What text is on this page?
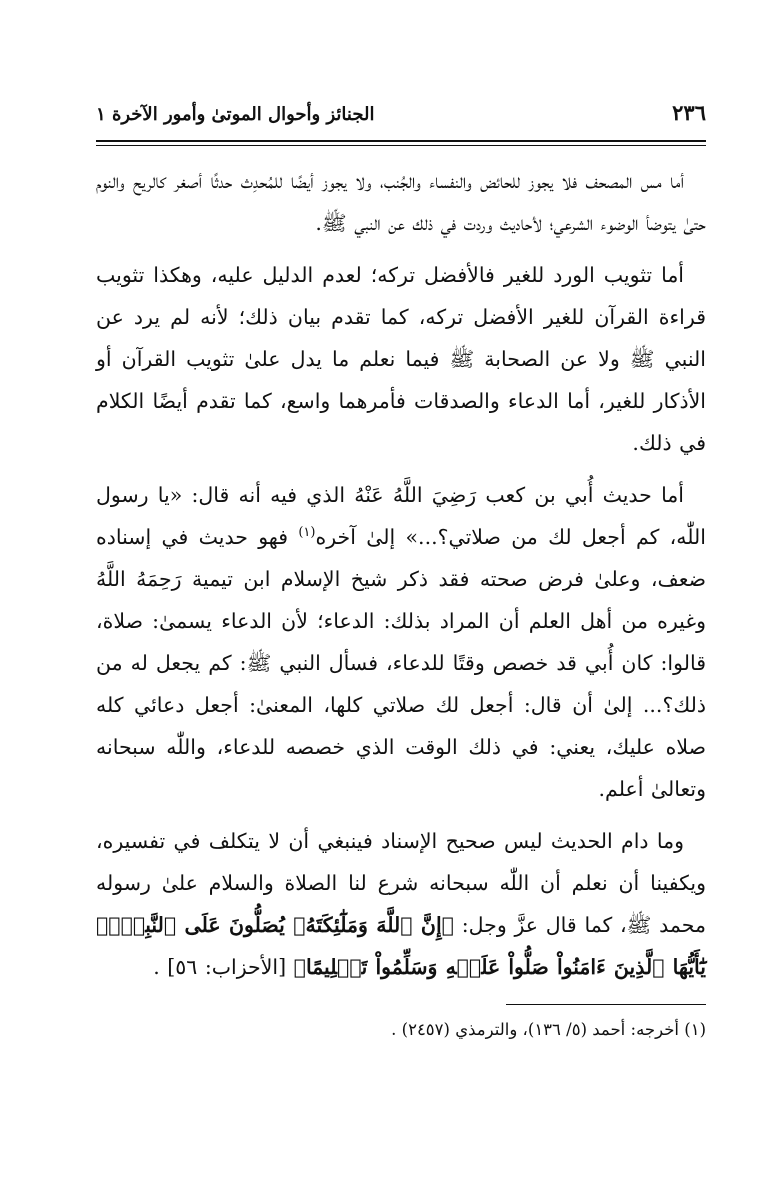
٢٣٦
الجنائز وأحوال الموتىٰ وأمور الآخرة ١

أما مس المصحف فلا يجوز للحائض والنفساء والجُنب، ولا يجوز أيضًا للمُحدِث حدثًا أصغر كالريح والنوم حتىٰ يتوضأ الوضوء الشرعي؛ لأحاديث وردت في ذلك عن النبي ﷺ.

أما تثويب الورد للغير فالأفضل تركه؛ لعدم الدليل عليه، وهكذا تثويب قراءة القرآن للغير الأفضل تركه، كما تقدم بيان ذلك؛ لأنه لم يرد عن النبي ﷺ ولا عن الصحابة ﷺ فيما نعلم ما يدل علىٰ تثويب القرآن أو الأذكار للغير، أما الدعاء والصدقات فأمرهما واسع، كما تقدم أيضًا الكلام في ذلك.

أما حديث أُبي بن كعب رَضِيَ اللَّهُ عَنْهُ الذي فيه أنه قال: «يا رسول اللّٰه، كم أجعل لك من صلاتي؟...» إلىٰ آخره$^{(١)}$ فهو حديث في إسناده ضعف، وعلىٰ فرض صحته فقد ذكر شيخ الإسلام ابن تيمية رَحِمَهُ اللَّهُ وغيره من أهل العلم أن المراد بذلك: الدعاء؛ لأن الدعاء يسمىٰ: صلاة، قالوا: كان أُبي قد خصص وقتًا للدعاء، فسأل النبي ﷺ: كم يجعل له من ذلك؟... إلىٰ أن قال: أجعل لك صلاتي كلها، المعنىٰ: أجعل دعائي كله صلاه عليك، يعني: في ذلك الوقت الذي خصصه للدعاء، واللّٰه سبحانه وتعالىٰ أعلم.

وما دام الحديث ليس صحيح الإسناد فينبغي أن لا يتكلف في تفسيره، ويكفينا أن نعلم أن اللّٰه سبحانه شرع لنا الصلاة والسلام علىٰ رسوله محمد ﷺ، كما قال عزَّ وجل: ﴿إِنَّ ٱللَّهَ وَمَلَٰٓئِكَتَهُۥ يُصَلُّونَ عَلَى ٱلنَّبِيِّۚ يَٰٓأَيُّهَا ٱلَّذِينَ ءَامَنُواْ صَلُّواْ عَلَيۡهِ وَسَلِّمُواْ تَسۡلِيمًا﴾ [الأحزاب: ٥٦] .

(١) أخرجه: أحمد (٥/ ١٣٦)، والترمذي (٢٤٥٧) .
